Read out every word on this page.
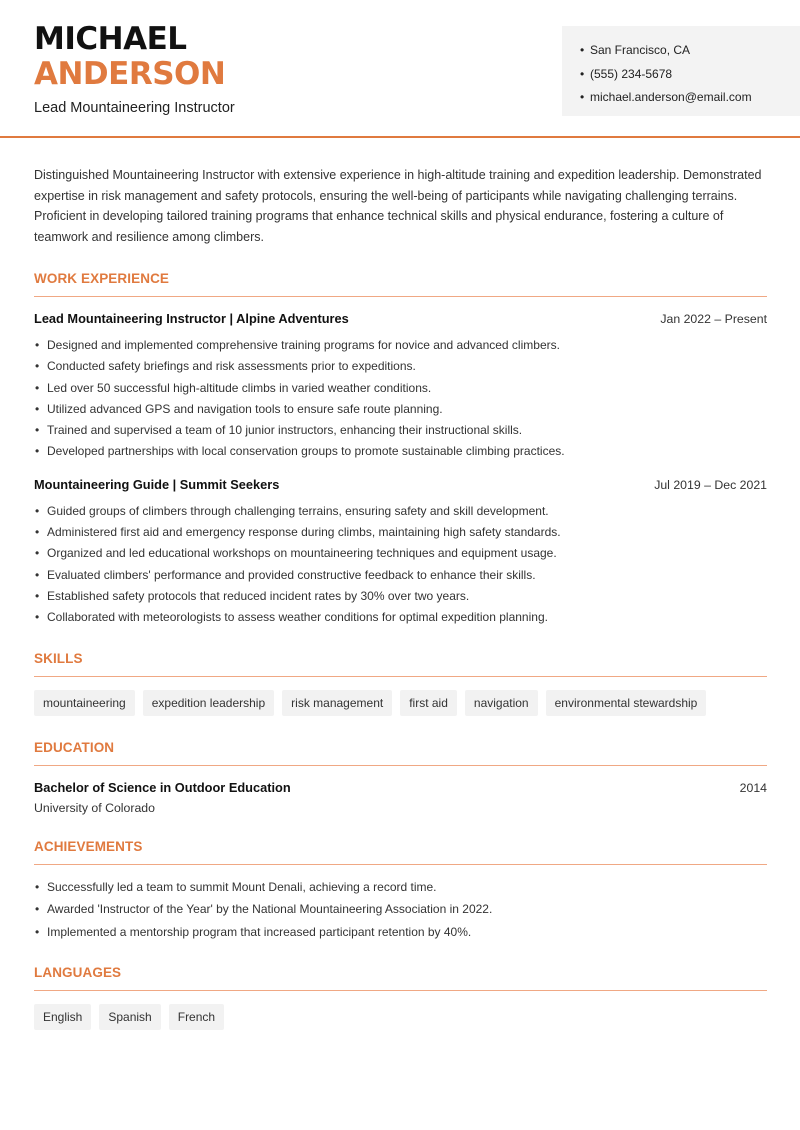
MICHAEL
ANDERSON
Lead Mountaineering Instructor
• San Francisco, CA
• (555) 234-5678
• michael.anderson@email.com

Distinguished Mountaineering Instructor with extensive experience in high-altitude training and expedition leadership. Demonstrated expertise in risk management and safety protocols, ensuring the well-being of participants while navigating challenging terrains. Proficient in developing tailored training programs that enhance technical skills and physical endurance, fostering a culture of teamwork and resilience among climbers.

WORK EXPERIENCE
Lead Mountaineering Instructor | Alpine Adventures	Jan 2022 – Present
• Designed and implemented comprehensive training programs for novice and advanced climbers.
• Conducted safety briefings and risk assessments prior to expeditions.
• Led over 50 successful high-altitude climbs in varied weather conditions.
• Utilized advanced GPS and navigation tools to ensure safe route planning.
• Trained and supervised a team of 10 junior instructors, enhancing their instructional skills.
• Developed partnerships with local conservation groups to promote sustainable climbing practices.
Mountaineering Guide | Summit Seekers	Jul 2019 – Dec 2021
• Guided groups of climbers through challenging terrains, ensuring safety and skill development.
• Administered first aid and emergency response during climbs, maintaining high safety standards.
• Organized and led educational workshops on mountaineering techniques and equipment usage.
• Evaluated climbers' performance and provided constructive feedback to enhance their skills.
• Established safety protocols that reduced incident rates by 30% over two years.
• Collaborated with meteorologists to assess weather conditions for optimal expedition planning.
SKILLS
mountaineering	expedition leadership	risk management	first aid	navigation	environmental stewardship
EDUCATION
Bachelor of Science in Outdoor Education	2014
University of Colorado
ACHIEVEMENTS
• Successfully led a team to summit Mount Denali, achieving a record time.
• Awarded 'Instructor of the Year' by the National Mountaineering Association in 2022.
• Implemented a mentorship program that increased participant retention by 40%.
LANGUAGES
English	Spanish	French
